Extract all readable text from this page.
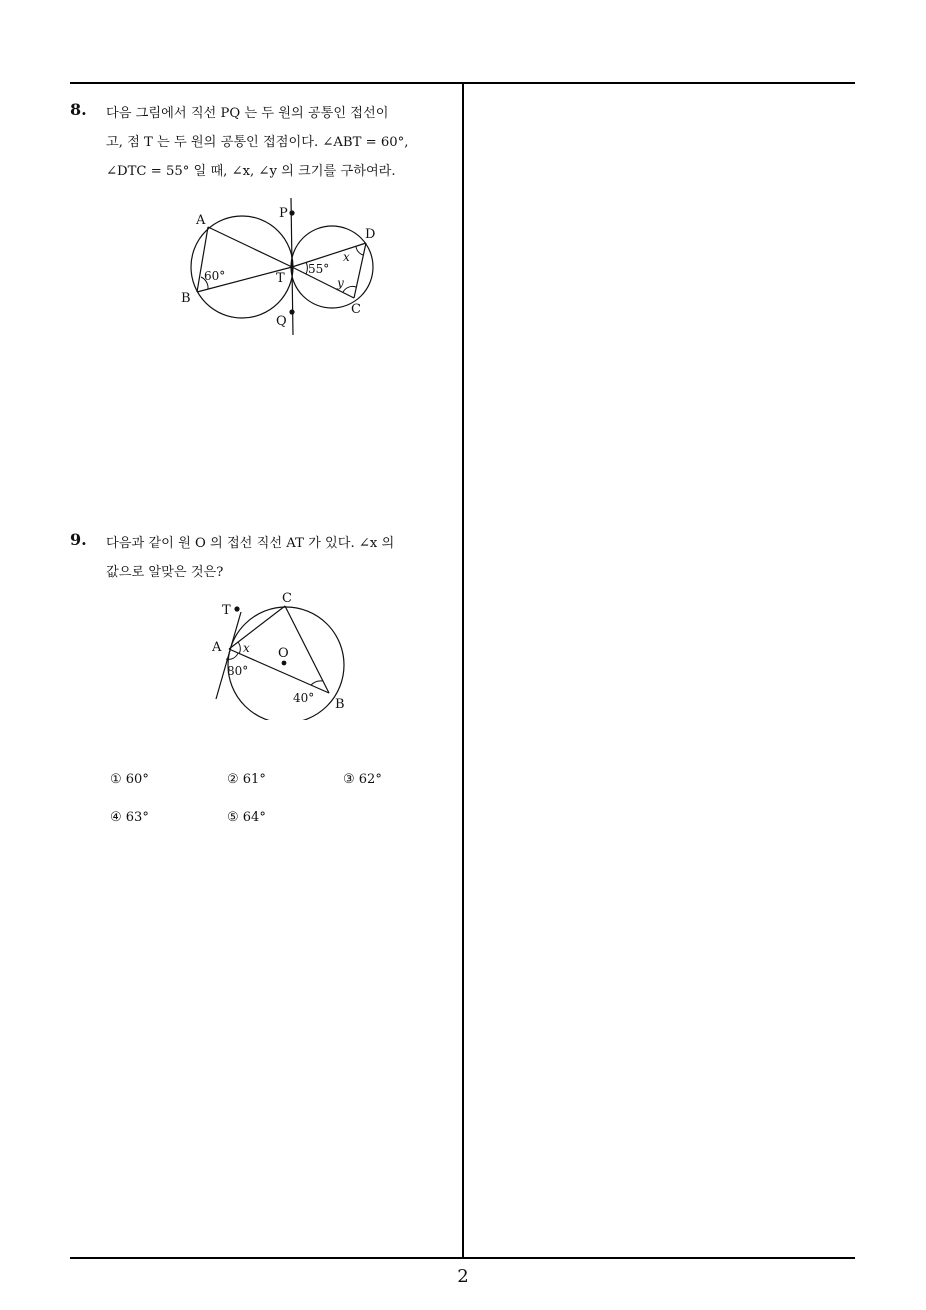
8. 다음 그림에서 직선 PQ 는 두 원의 공통인 접선이
고, 점 T 는 두 원의 공통인 접점이다. ∠ABT = 60°,
∠DTC = 55° 일 때, ∠x, ∠y 의 크기를 구하여라.
A
B
P
Q
T
D
C
60°	55°
x
y
9. 다음과 같이 원 O 의 접선 직선 AT 가 있다. ∠x 의
값으로 알맞은 것은?
① 60°	② 61°	③ 62°
④ 63°	⑤ 64°
T
A
C
O
B
x
80°
40°
2
